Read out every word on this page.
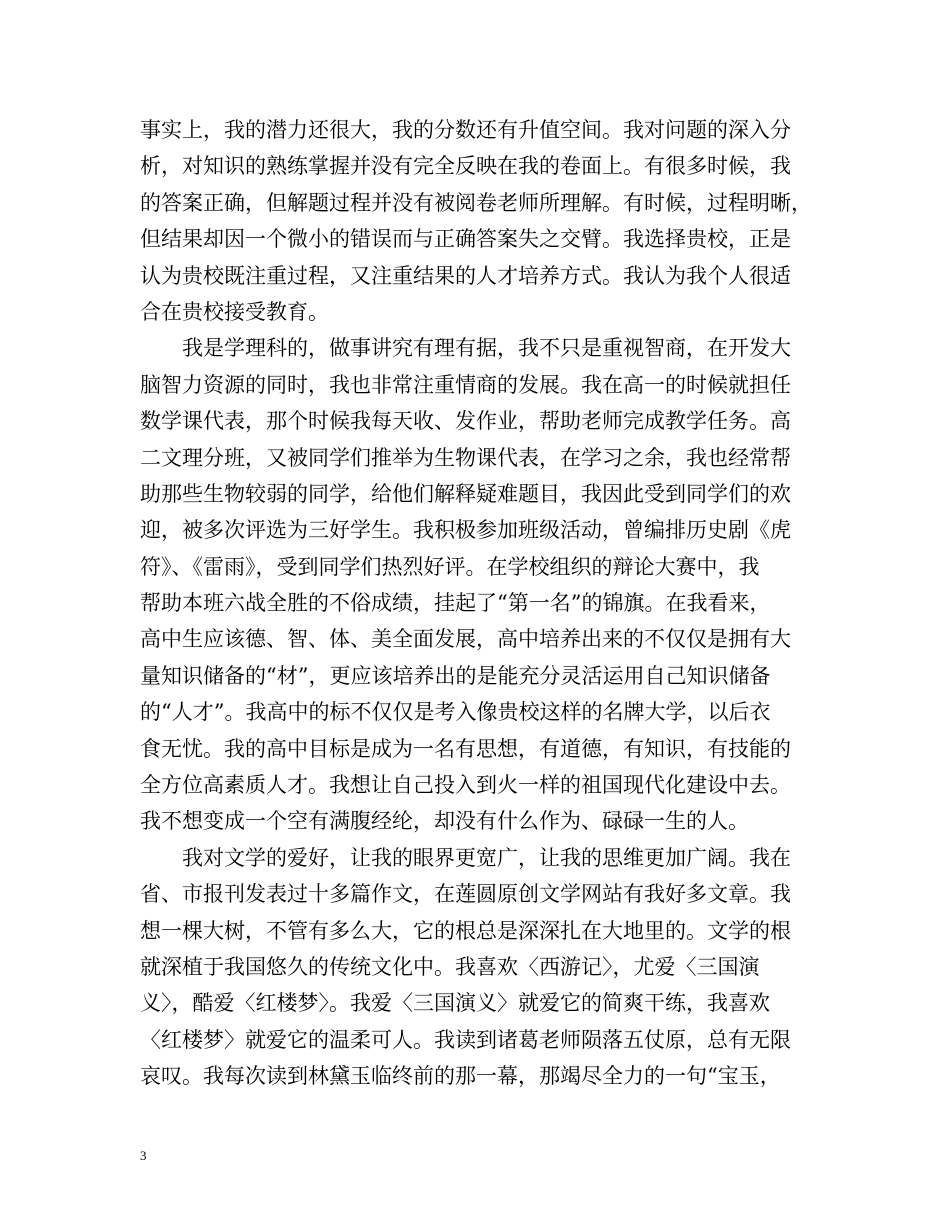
事实上，我的潜力还很大，我的分数还有升值空间。我对问题的深入分
析，对知识的熟练掌握并没有完全反映在我的卷面上。有很多时候，我
的答案正确，但解题过程并没有被阅卷老师所理解。有时候，过程明晰，
但结果却因一个微小的错误而与正确答案失之交臂。我选择贵校，正是
认为贵校既注重过程，又注重结果的人才培养方式。我认为我个人很适
合在贵校接受教育。
我是学理科的，做事讲究有理有据，我不只是重视智商，在开发大
脑智力资源的同时，我也非常注重情商的发展。我在高一的时候就担任
数学课代表，那个时候我每天收、发作业，帮助老师完成教学任务。高
二文理分班，又被同学们推举为生物课代表，在学习之余，我也经常帮
助那些生物较弱的同学，给他们解释疑难题目，我因此受到同学们的欢
迎，被多次评选为三好学生。我积极参加班级活动，曾编排历史剧《虎
符》、《雷雨》，受到同学们热烈好评。在学校组织的辩论大赛中，我
帮助本班六战全胜的不俗成绩，挂起了“第一名”的锦旗。在我看来，
高中生应该德、智、体、美全面发展，高中培养出来的不仅仅是拥有大
量知识储备的“材”，更应该培养出的是能充分灵活运用自己知识储备
的“人才”。我高中的标不仅仅是考入像贵校这样的名牌大学，以后衣
食无忧。我的高中目标是成为一名有思想，有道德，有知识，有技能的
全方位高素质人才。我想让自己投入到火一样的祖国现代化建设中去。
我不想变成一个空有满腹经纶，却没有什么作为、碌碌一生的人。
我对文学的爱好，让我的眼界更宽广，让我的思维更加广阔。我在
省、市报刊发表过十多篇作文，在莲圆原创文学网站有我好多文章。我
想一棵大树，不管有多么大，它的根总是深深扎在大地里的。文学的根
就深植于我国悠久的传统文化中。我喜欢〈西游记〉，尤爱〈三国演
义〉，酷爱〈红楼梦〉。我爱〈三国演义〉就爱它的简爽干练，我喜欢
〈红楼梦〉就爱它的温柔可人。我读到诸葛老师陨落五仗原，总有无限
哀叹。我每次读到林黛玉临终前的那一幕，那竭尽全力的一句“宝玉，
3
